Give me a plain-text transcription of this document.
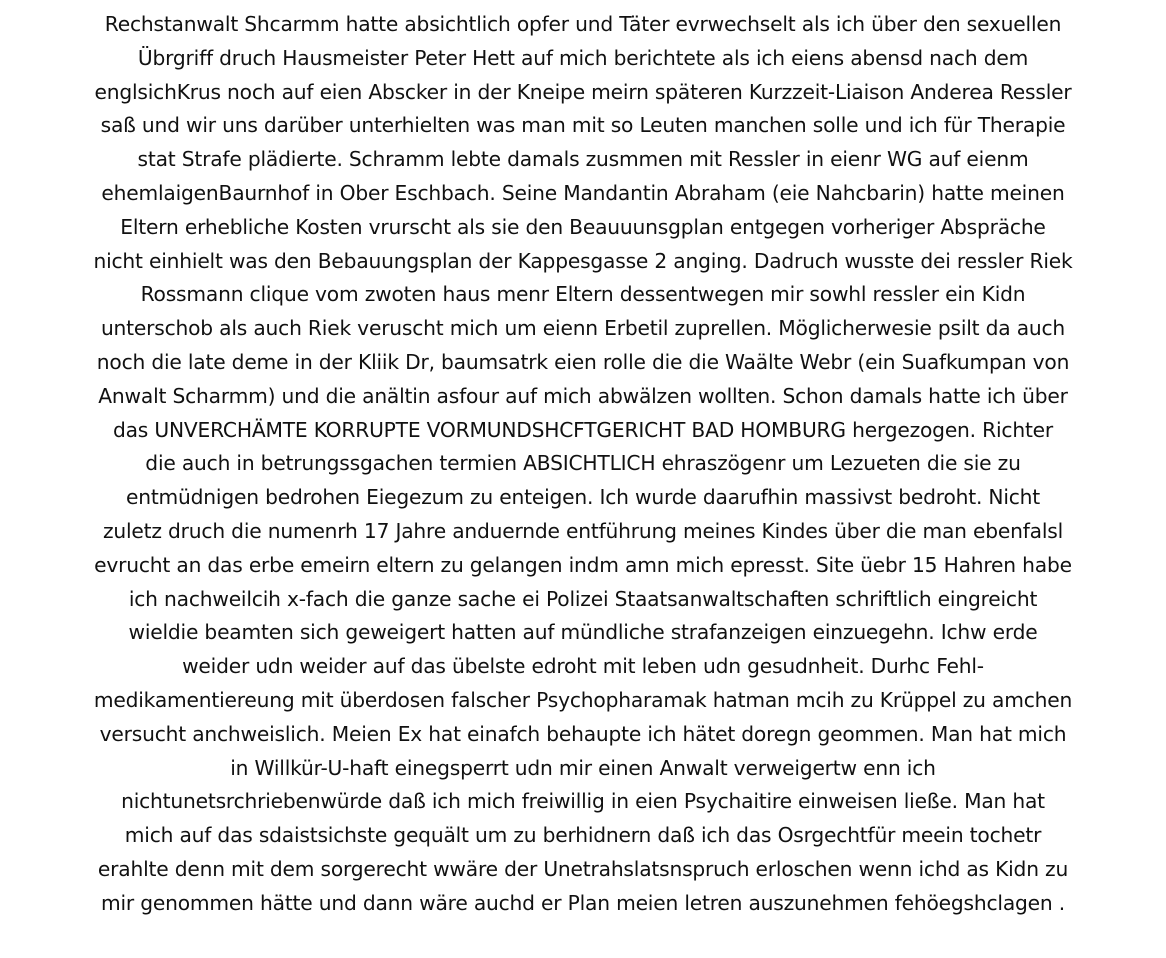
Rechstanwalt Shcarmm hatte absichtlich opfer und Täter evrwechselt als ich über den sexuellen
Übrgriff druch Hausmeister Peter Hett auf mich berichtete als ich eiens abensd nach dem
englsichKrus noch auf eien Abscker in der Kneipe meirn späteren Kurzzeit-Liaison Anderea Ressler
saß und wir uns darüber unterhielten was man mit so Leuten manchen solle und ich für Therapie
stat Strafe plädierte. Schramm lebte damals zusmmen mit Ressler in eienr WG auf eienm
ehemlaigenBaurnhof in Ober Eschbach. Seine Mandantin Abraham (eie Nahcbarin) hatte meinen
Eltern erhebliche Kosten vrurscht als sie den Beauuunsgplan entgegen vorheriger Abspräche
nicht einhielt was den Bebauungsplan der Kappesgasse 2 anging. Dadruch wusste dei ressler Riek
Rossmann clique vom zwoten haus menr Eltern dessentwegen mir sowhl ressler ein Kidn
unterschob als auch Riek veruscht mich um eienn Erbetil zuprellen. Möglicherwesie psilt da auch
noch die late deme in der Kliik Dr, baumsatrk eien rolle die die Waälte Webr (ein Suafkumpan von
Anwalt Scharmm) und die anältin asfour auf mich abwälzen wollten. Schon damals hatte ich über
das UNVERCHÄMTE KORRUPTE VORMUNDSHCFTGERICHT BAD HOMBURG hergezogen. Richter
die auch in betrungssgachen termien ABSICHTLICH ehraszögenr um Lezueten die sie zu
entmüdnigen bedrohen Eiegezum zu enteigen. Ich wurde daarufhin massivst bedroht. Nicht
zuletz druch die numenrh 17 Jahre anduernde entführung meines Kindes über die man ebenfalsl
evrucht an das erbe emeirn eltern zu gelangen indm amn mich epresst. Site üebr 15 Hahren habe
ich nachweilcih x-fach die ganze sache ei Polizei Staatsanwaltschaften schriftlich eingreicht
wieldie beamten sich geweigert hatten auf mündliche strafanzeigen einzuegehn. Ichw erde
weider udn weider auf das übelste edroht mit leben udn gesudnheit. Durhc Fehl-
medikamentiereung mit überdosen falscher Psychopharamak hatman mcih zu Krüppel zu amchen
versucht anchweislich. Meien Ex hat einafch behaupte ich hätet doregn geommen. Man hat mich
in Willkür-U-haft einegsperrt udn mir einen Anwalt verweigertw enn ich
nichtunetsrchriebenwürde daß ich mich freiwillig in eien Psychaitire einweisen ließe. Man hat
mich auf das sdaistsichste gequält um zu berhidnern daß ich das Osrgechtfür meein tochetr
erahlte denn mit dem sorgerecht wwäre der Unetrahslatsnspruch erloschen wenn ichd as Kidn zu
mir genommen hätte und dann wäre auchd er Plan meien letren auszunehmen fehöegshclagen .
